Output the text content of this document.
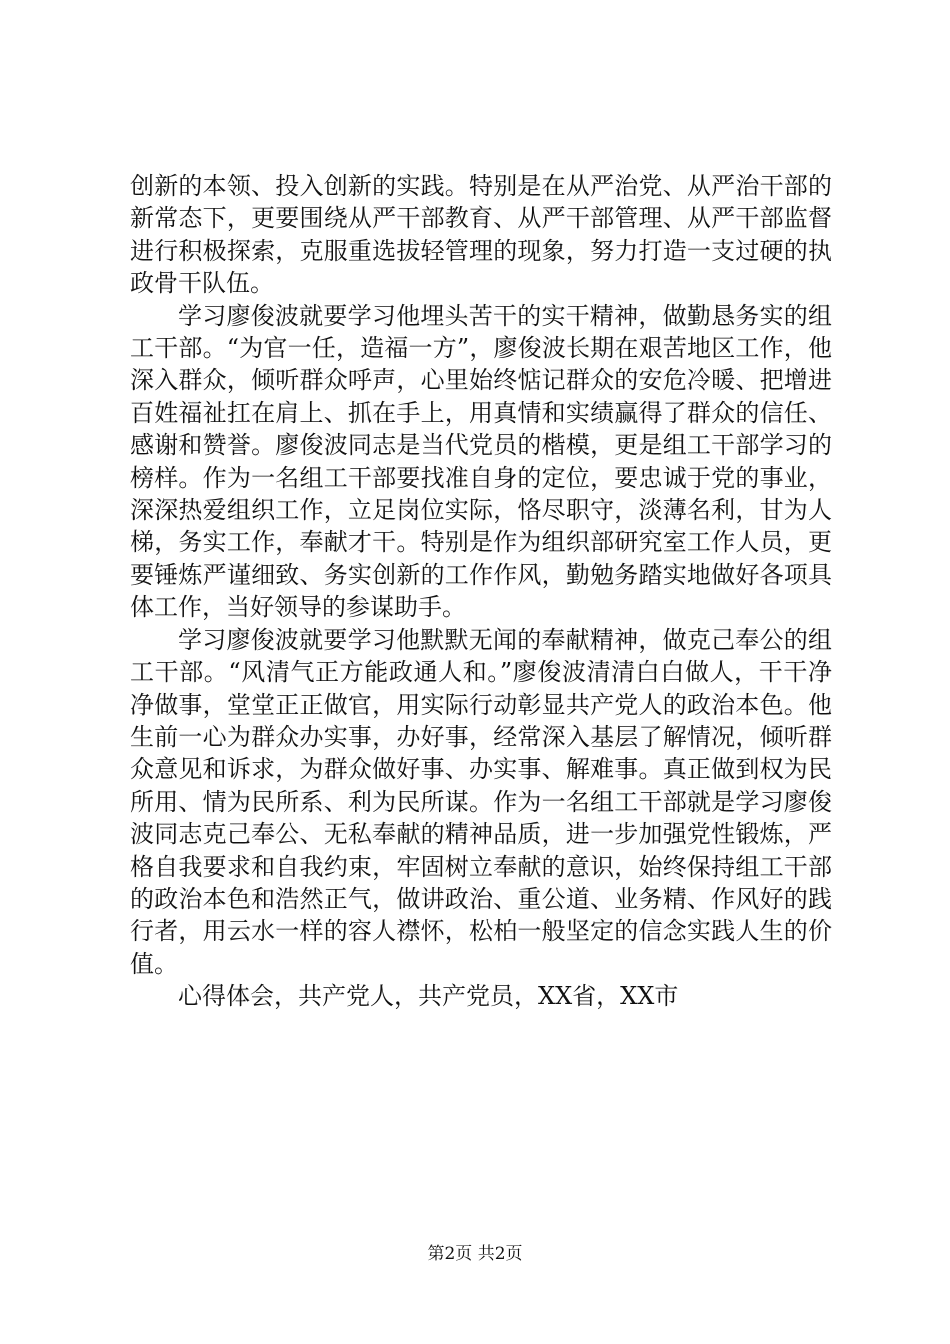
创新的本领、投入创新的实践。特别是在从严治党、从严治干部的新常态下，更要围绕从严干部教育、从严干部管理、从严干部监督进行积极探索，克服重选拔轻管理的现象，努力打造一支过硬的执政骨干队伍。

学习廖俊波就要学习他埋头苦干的实干精神，做勤恳务实的组工干部。“为官一任，造福一方”，廖俊波长期在艰苦地区工作，他深入群众，倾听群众呼声，心里始终惦记群众的安危冷暖、把增进百姓福祉扛在肩上、抓在手上，用真情和实绩赢得了群众的信任、感谢和赞誉。廖俊波同志是当代党员的楷模，更是组工干部学习的榜样。作为一名组工干部要找准自身的定位，要忠诚于党的事业，深深热爱组织工作，立足岗位实际，恪尽职守，淡薄名利，甘为人梯，务实工作，奉献才干。特别是作为组织部研究室工作人员，更要锤炼严谨细致、务实创新的工作作风，勤勉务踏实地做好各项具体工作，当好领导的参谋助手。

学习廖俊波就要学习他默默无闻的奉献精神，做克己奉公的组工干部。“风清气正方能政通人和。”廖俊波清清白白做人，干干净净做事，堂堂正正做官，用实际行动彰显共产党人的政治本色。他生前一心为群众办实事，办好事，经常深入基层了解情况，倾听群众意见和诉求，为群众做好事、办实事、解难事。真正做到权为民所用、情为民所系、利为民所谋。作为一名组工干部就是学习廖俊波同志克己奉公、无私奉献的精神品质，进一步加强党性锻炼，严格自我要求和自我约束，牢固树立奉献的意识，始终保持组工干部的政治本色和浩然正气，做讲政治、重公道、业务精、作风好的践行者，用云水一样的容人襟怀，松柏一般坚定的信念实践人生的价值。

心得体会，共产党人，共产党员，XX省，XX市

第2页 共2页
